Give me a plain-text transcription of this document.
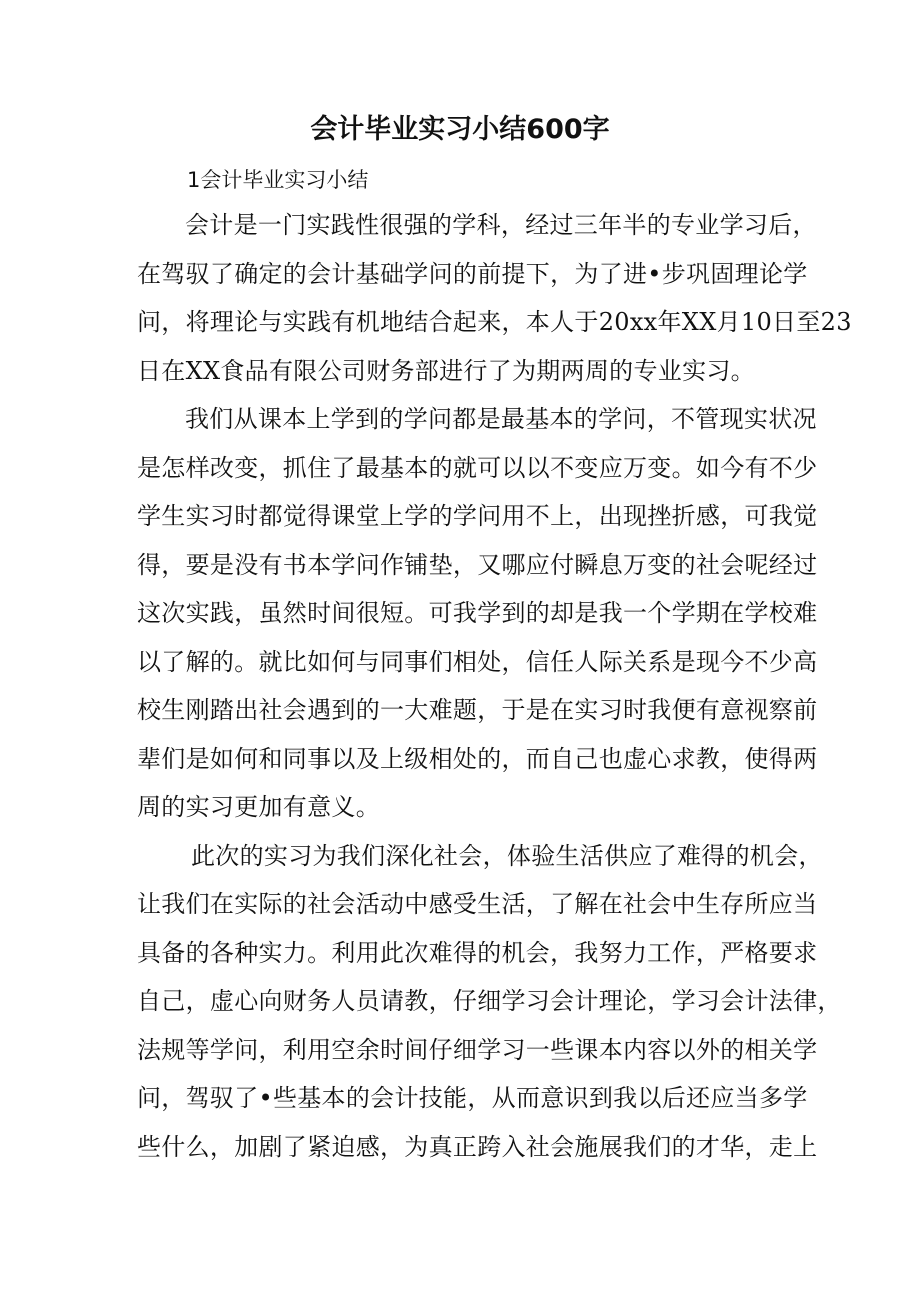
会计毕业实习小结600字

1会计毕业实习小结

会计是一门实践性很强的学科，经过三年半的专业学习后，
在驾驭了确定的会计基础学问的前提下，为了进•步巩固理论学
问，将理论与实践有机地结合起来，本人于20xx年XX月10日至23
日在XX食品有限公司财务部进行了为期两周的专业实习。
我们从课本上学到的学问都是最基本的学问，不管现实状况
是怎样改变，抓住了最基本的就可以以不变应万变。如今有不少
学生实习时都觉得课堂上学的学问用不上，出现挫折感，可我觉
得，要是没有书本学问作铺垫，又哪应付瞬息万变的社会呢经过
这次实践，虽然时间很短。可我学到的却是我一个学期在学校难
以了解的。就比如何与同事们相处，信任人际关系是现今不少高
校生刚踏出社会遇到的一大难题，于是在实习时我便有意视察前
辈们是如何和同事以及上级相处的，而自己也虚心求教，使得两
周的实习更加有意义。
此次的实习为我们深化社会，体验生活供应了难得的机会，
让我们在实际的社会活动中感受生活，了解在社会中生存所应当
具备的各种实力。利用此次难得的机会，我努力工作，严格要求
自己，虚心向财务人员请教，仔细学习会计理论，学习会计法律，
法规等学问，利用空余时间仔细学习一些课本内容以外的相关学
问，驾驭了•些基本的会计技能，从而意识到我以后还应当多学
些什么，加剧了紧迫感，为真正跨入社会施展我们的才华，走上
